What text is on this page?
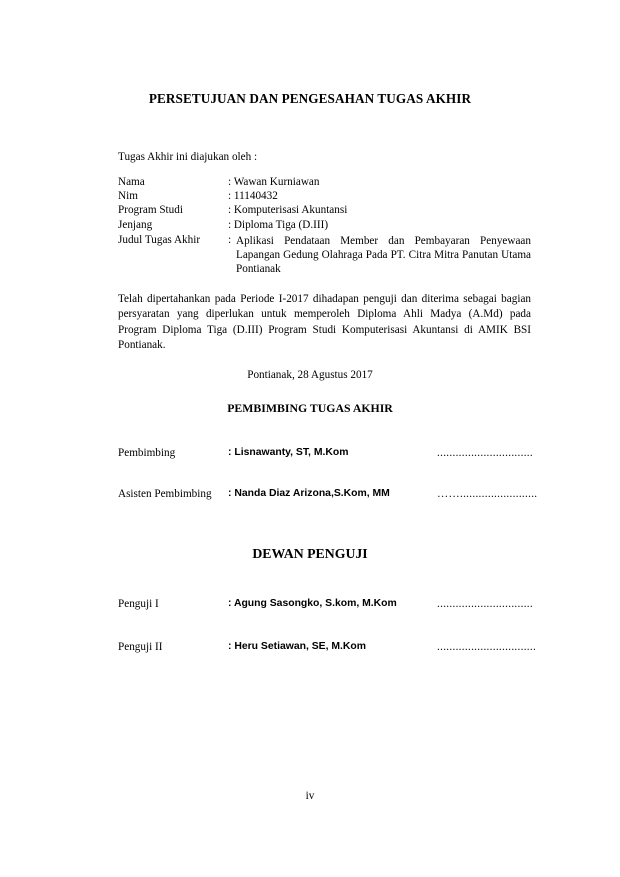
PERSETUJUAN DAN PENGESAHAN TUGAS AKHIR
Tugas Akhir ini diajukan oleh :
Nama	: Wawan Kurniawan
Nim	: 11140432
Program Studi	: Komputerisasi Akuntansi
Jenjang	: Diploma Tiga (D.III)
Judul Tugas Akhir : Aplikasi Pendataan Member dan Pembayaran Penyewaan Lapangan Gedung Olahraga Pada PT. Citra Mitra Panutan Utama Pontianak
Telah dipertahankan pada Periode I-2017 dihadapan penguji dan diterima sebagai bagian persyaratan yang diperlukan untuk memperoleh Diploma Ahli Madya (A.Md) pada Program Diploma Tiga (D.III) Program Studi Komputerisasi Akuntansi di AMIK BSI Pontianak.
Pontianak, 28 Agustus 2017
PEMBIMBING TUGAS AKHIR
Pembimbing	: Lisnawanty, ST, M.Kom	...............................
Asisten Pembimbing : Nanda Diaz Arizona,S.Kom, MM	…….........................
DEWAN PENGUJI
Penguji I	: Agung Sasongko, S.kom, M.Kom	...............................
Penguji II	: Heru Setiawan, SE, M.Kom	................................
iv
